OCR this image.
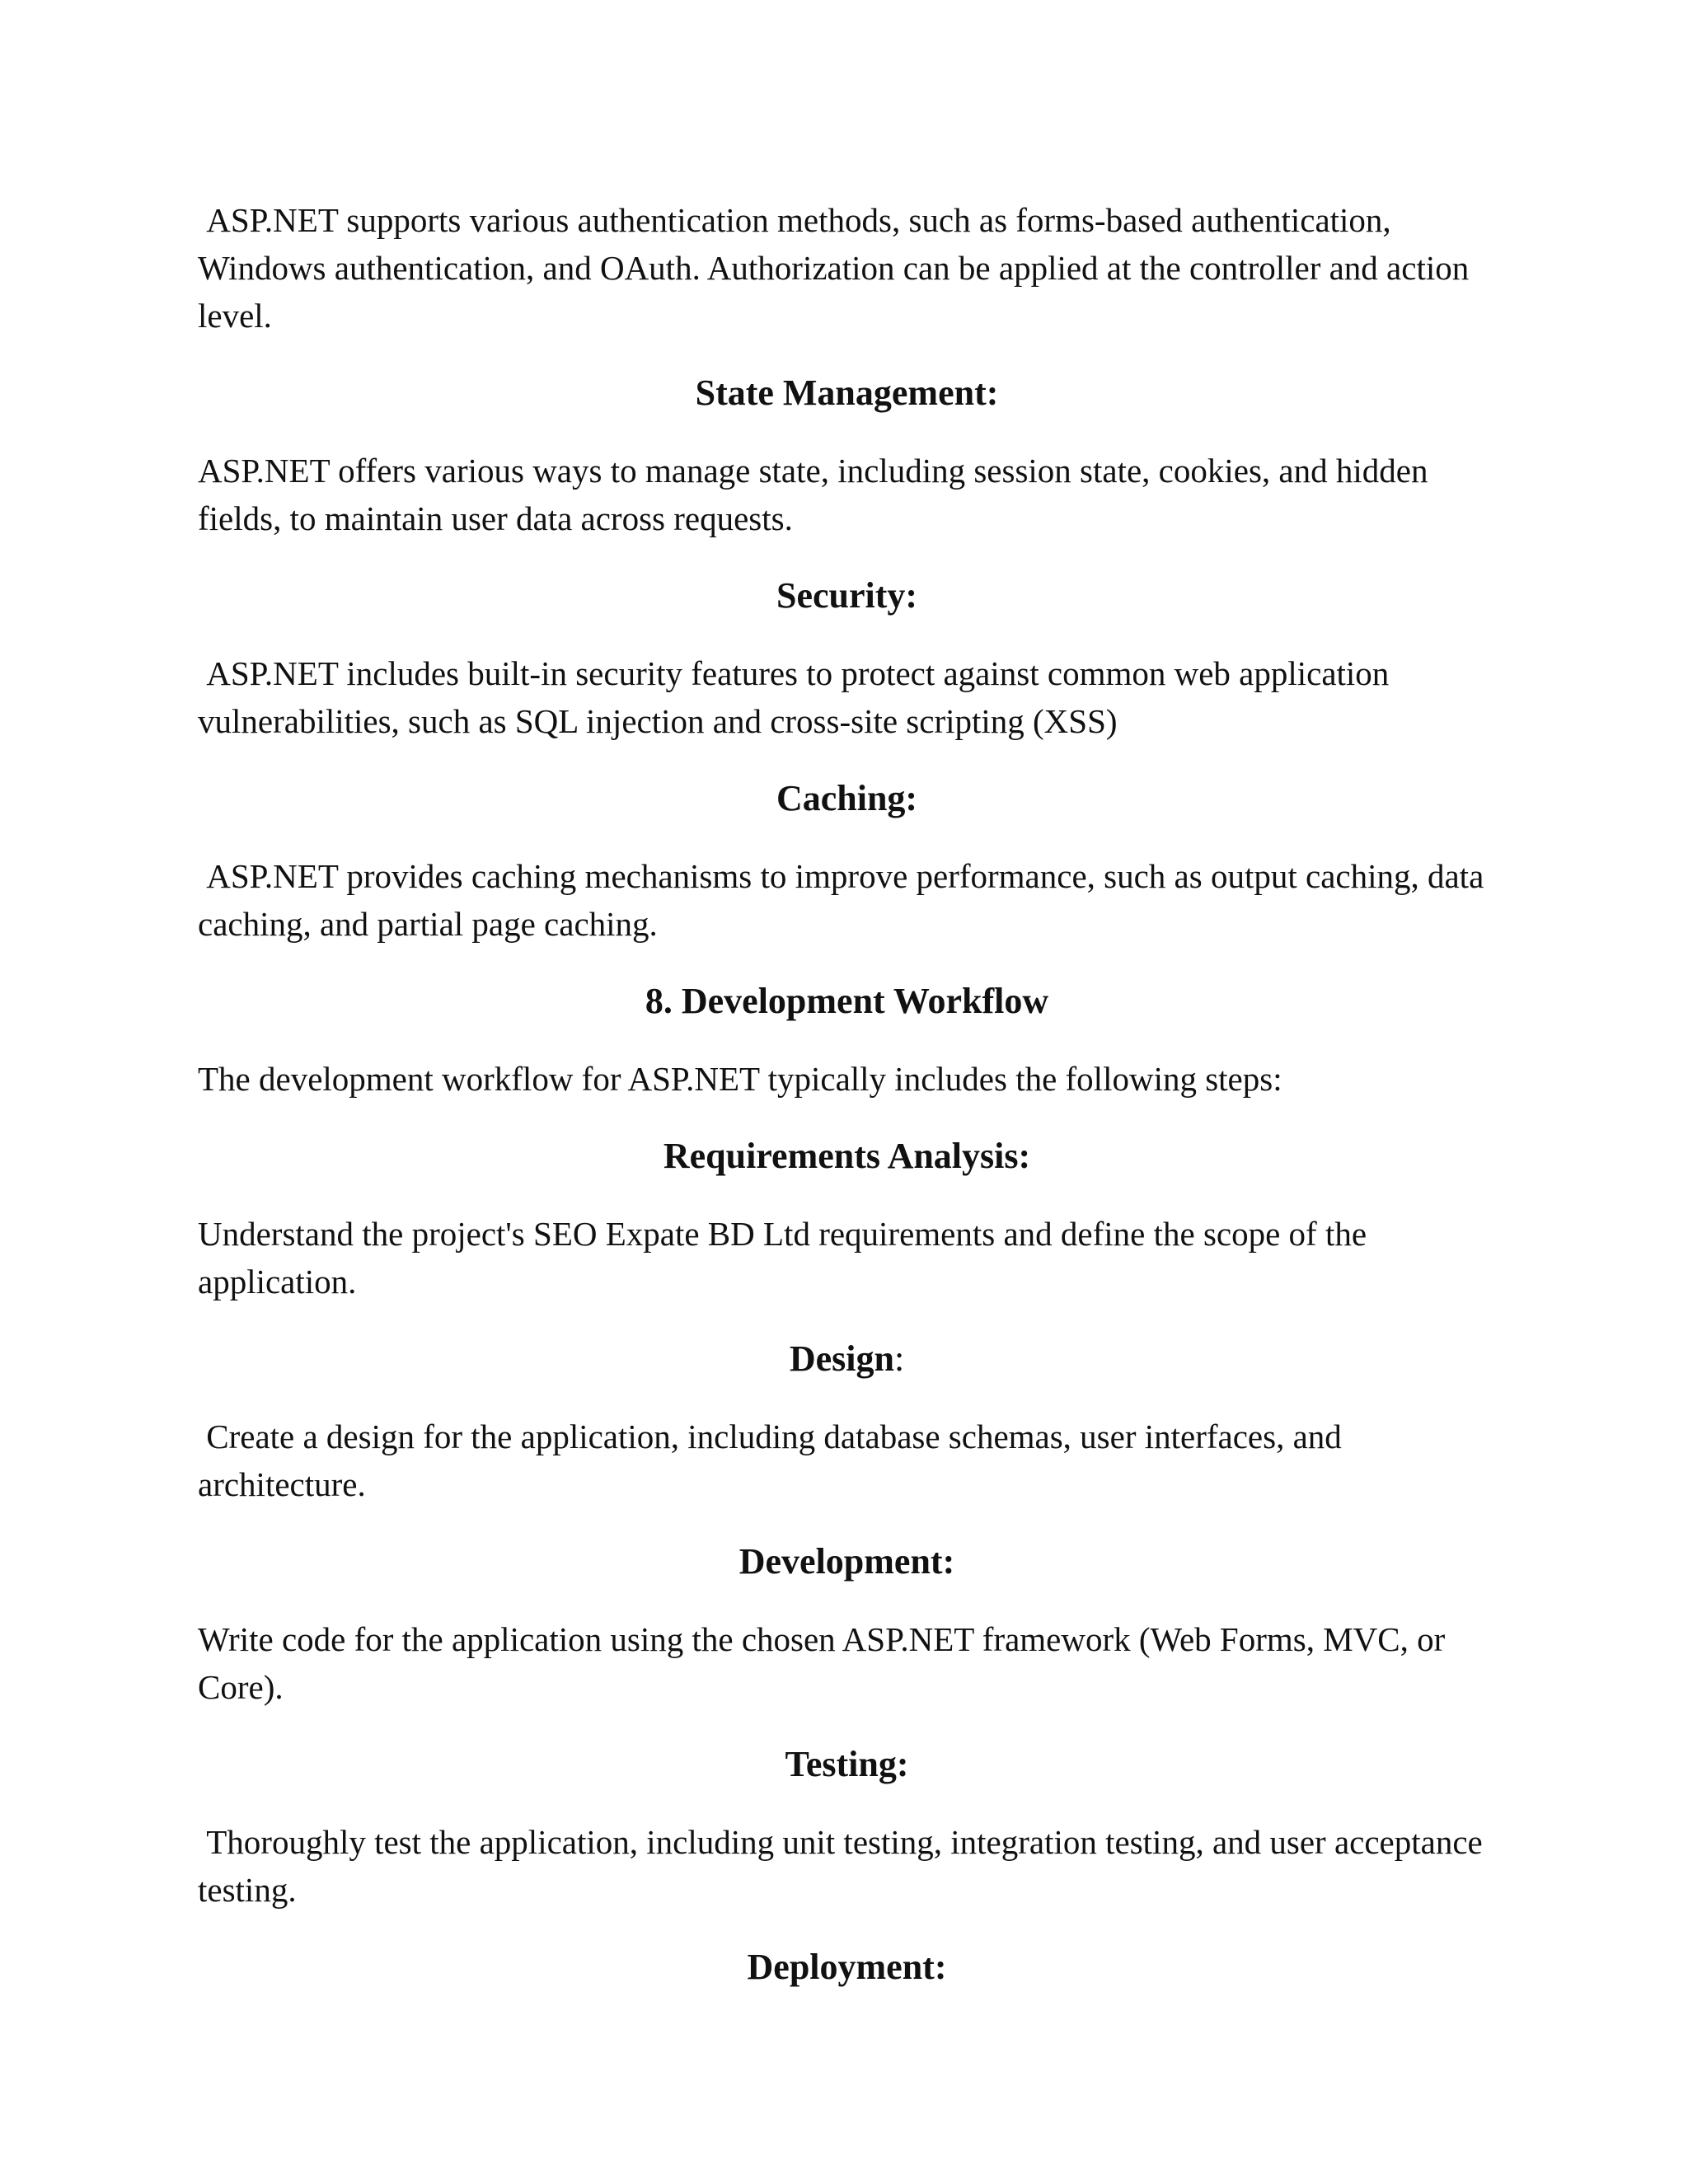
ASP.NET supports various authentication methods, such as forms-based authentication, Windows authentication, and OAuth. Authorization can be applied at the controller and action level.

State Management:

ASP.NET offers various ways to manage state, including session state, cookies, and hidden fields, to maintain user data across requests.

Security:

ASP.NET includes built-in security features to protect against common web application vulnerabilities, such as SQL injection and cross-site scripting (XSS)

Caching:

ASP.NET provides caching mechanisms to improve performance, such as output caching, data caching, and partial page caching.

8. Development Workflow

The development workflow for ASP.NET typically includes the following steps:

Requirements Analysis:

Understand the project's SEO Expate BD Ltd requirements and define the scope of the application.

Design:

Create a design for the application, including database schemas, user interfaces, and architecture.

Development:

Write code for the application using the chosen ASP.NET framework (Web Forms, MVC, or Core).

Testing:

Thoroughly test the application, including unit testing, integration testing, and user acceptance testing.

Deployment:
